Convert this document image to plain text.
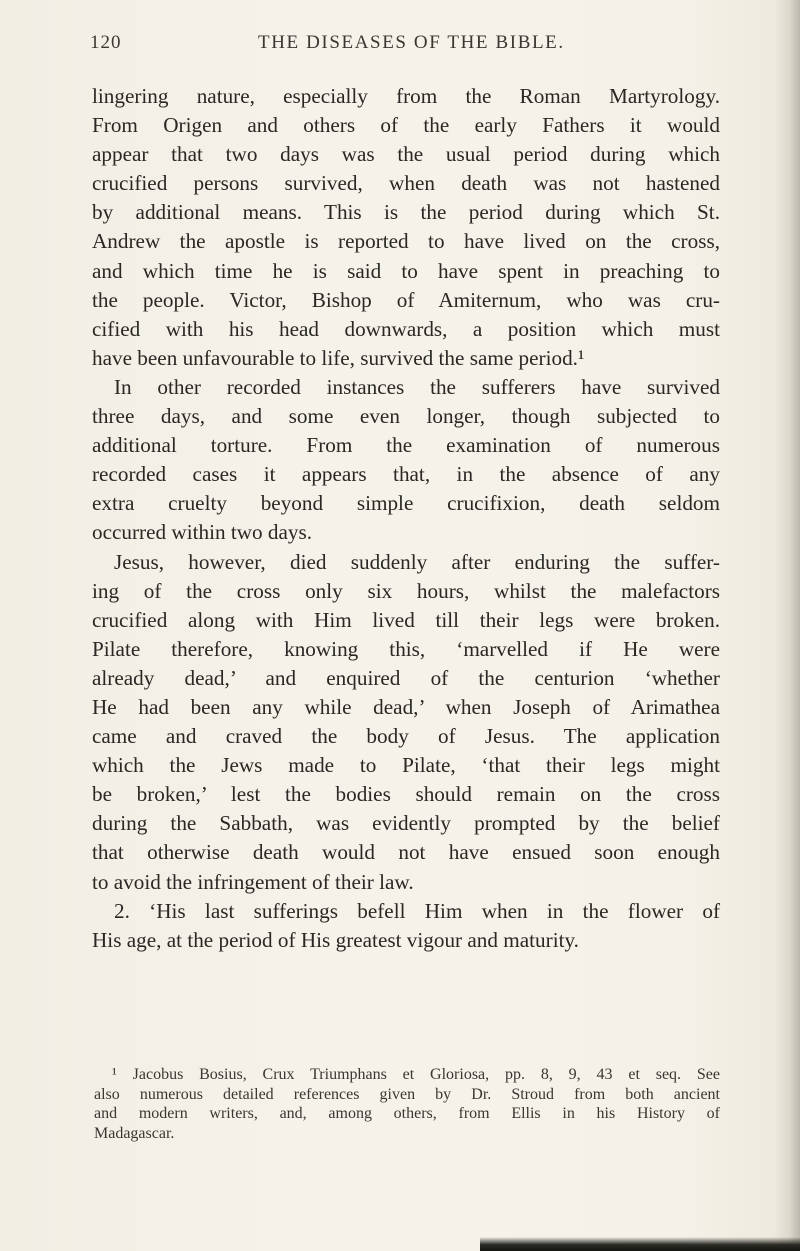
120	THE DISEASES OF THE BIBLE.
lingering nature, especially from the Roman Martyrology.
From Origen and others of the early Fathers it would
appear that two days was the usual period during which
crucified persons survived, when death was not hastened
by additional means. This is the period during which St.
Andrew the apostle is reported to have lived on the cross,
and which time he is said to have spent in preaching to
the people. Victor, Bishop of Amiternum, who was cru-
cified with his head downwards, a position which must
have been unfavourable to life, survived the same period.¹
In other recorded instances the sufferers have survived
three days, and some even longer, though subjected to
additional torture. From the examination of numerous
recorded cases it appears that, in the absence of any
extra cruelty beyond simple crucifixion, death seldom
occurred within two days.
Jesus, however, died suddenly after enduring the suffer-
ing of the cross only six hours, whilst the malefactors
crucified along with Him lived till their legs were broken.
Pilate therefore, knowing this, ‘marvelled if He were
already dead,’ and enquired of the centurion ‘whether
He had been any while dead,’ when Joseph of Arimathea
came and craved the body of Jesus. The application
which the Jews made to Pilate, ‘that their legs might
be broken,’ lest the bodies should remain on the cross
during the Sabbath, was evidently prompted by the belief
that otherwise death would not have ensued soon enough
to avoid the infringement of their law.
2. ‘His last sufferings befell Him when in the flower of
His age, at the period of His greatest vigour and maturity.
¹ Jacobus Bosius, Crux Triumphans et Gloriosa, pp. 8, 9, 43 et seq. See
also numerous detailed references given by Dr. Stroud from both ancient
and modern writers, and, among others, from Ellis in his History of
Madagascar.
